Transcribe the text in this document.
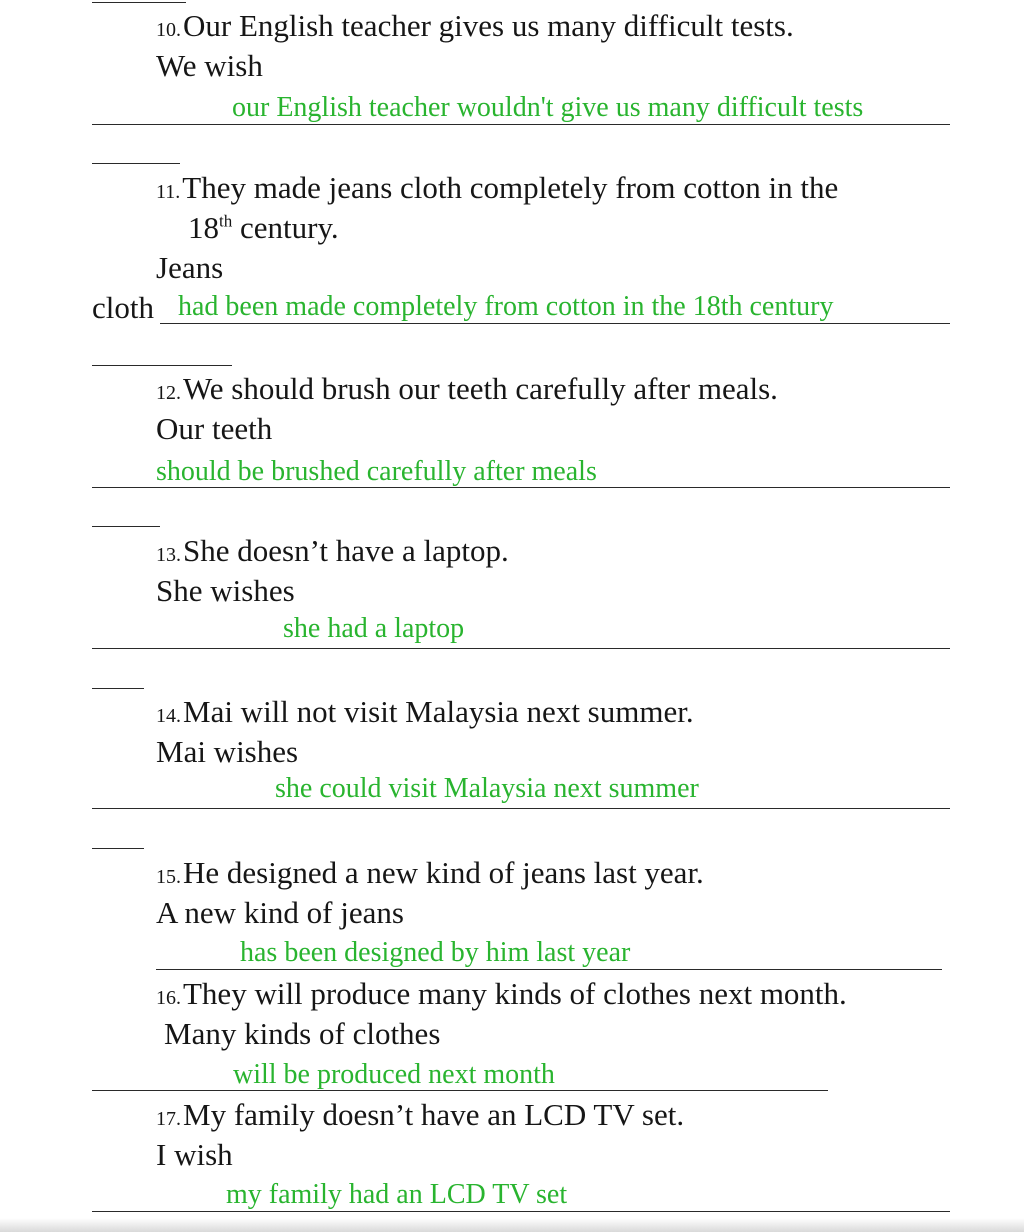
10.Our English teacher gives us many difficult tests.
We wish
our English teacher wouldn't give us many difficult tests
11.They made jeans cloth completely from cotton in the
18th century.
Jeans
cloth had been made completely from cotton in the 18th century
12.We should brush our teeth carefully after meals.
Our teeth
should be brushed carefully after meals
13.She doesn’t have a laptop.
She wishes
she had a laptop
14.Mai will not visit Malaysia next summer.
Mai wishes
she could visit Malaysia next summer
15.He designed a new kind of jeans last year.
A new kind of jeans
has been designed by him last year
16.They will produce many kinds of clothes next month.
Many kinds of clothes
will be produced next month
17.My family doesn’t have an LCD TV set.
I wish
my family had an LCD TV set
